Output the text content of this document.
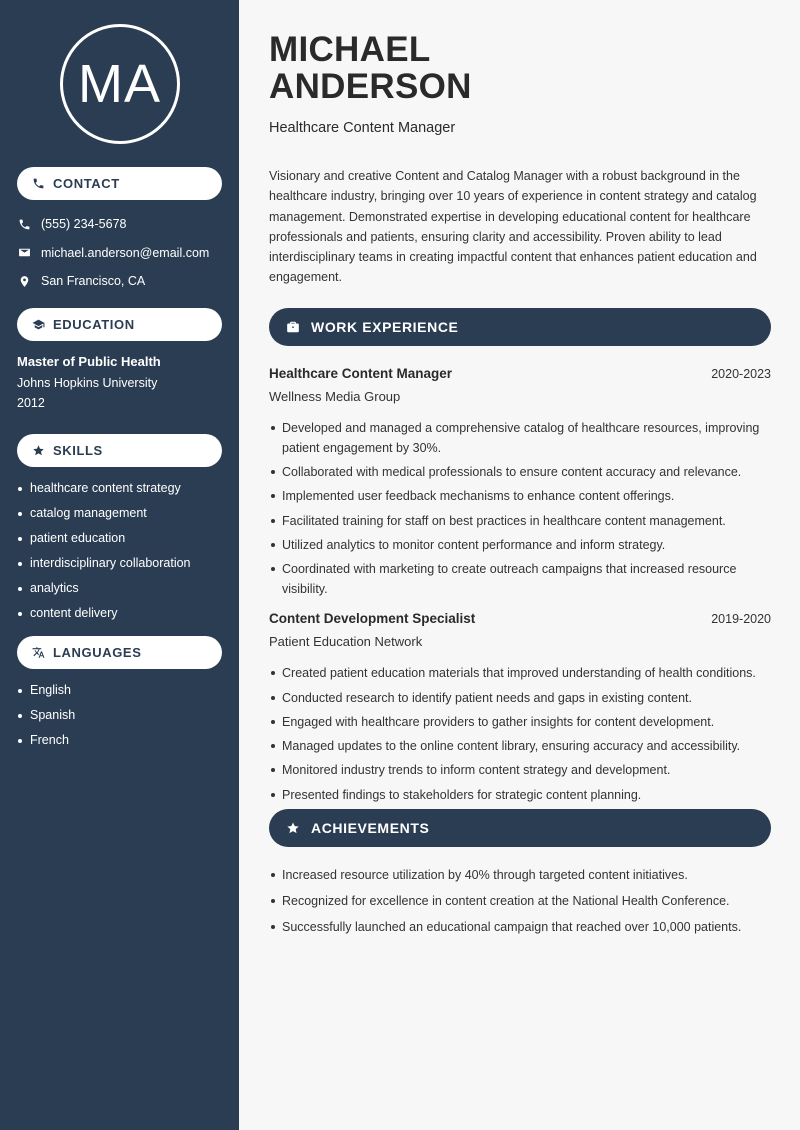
MA
CONTACT
(555) 234-5678
michael.anderson@email.com
San Francisco, CA
EDUCATION
Master of Public Health
Johns Hopkins University
2012
SKILLS
healthcare content strategy
catalog management
patient education
interdisciplinary collaboration
analytics
content delivery
LANGUAGES
English
Spanish
French
MICHAEL
ANDERSON
Healthcare Content Manager

Visionary and creative Content and Catalog Manager with a robust background in the healthcare industry, bringing over 10 years of experience in content strategy and catalog management. Demonstrated expertise in developing educational content for healthcare professionals and patients, ensuring clarity and accessibility. Proven ability to lead interdisciplinary teams in creating impactful content that enhances patient education and engagement.

WORK EXPERIENCE
Healthcare Content Manager	2020-2023
Wellness Media Group
Developed and managed a comprehensive catalog of healthcare resources, improving patient engagement by 30%.
Collaborated with medical professionals to ensure content accuracy and relevance.
Implemented user feedback mechanisms to enhance content offerings.
Facilitated training for staff on best practices in healthcare content management.
Utilized analytics to monitor content performance and inform strategy.
Coordinated with marketing to create outreach campaigns that increased resource visibility.
Content Development Specialist	2019-2020
Patient Education Network
Created patient education materials that improved understanding of health conditions.
Conducted research to identify patient needs and gaps in existing content.
Engaged with healthcare providers to gather insights for content development.
Managed updates to the online content library, ensuring accuracy and accessibility.
Monitored industry trends to inform content strategy and development.
Presented findings to stakeholders for strategic content planning.
ACHIEVEMENTS
Increased resource utilization by 40% through targeted content initiatives.
Recognized for excellence in content creation at the National Health Conference.
Successfully launched an educational campaign that reached over 10,000 patients.
